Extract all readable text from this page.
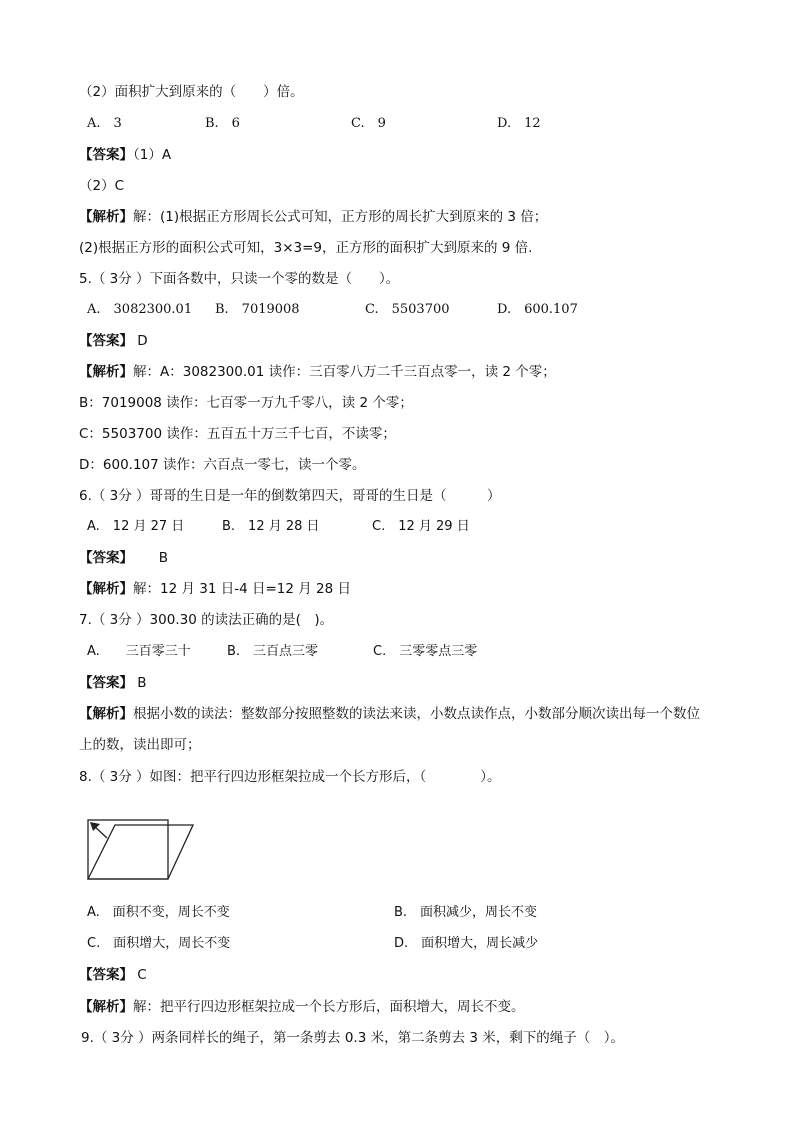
（2）面积扩大到原来的（　　）倍。
A.　3	B.　6	C.　9	D.　12
【答案】（1）A
（2）C
【解析】解：(1)根据正方形周长公式可知，正方形的周长扩大到原来的 3 倍；
(2)根据正方形的面积公式可知，3×3=9，正方形的面积扩大到原来的 9 倍.
5.（ 3分 ）下面各数中，只读一个零的数是（　　）。
A.　3082300.01 B.　7019008	C.　5503700	D.　600.107
【答案】 D
【解析】解：A：3082300.01 读作：三百零八万二千三百点零一，读 2 个零；
B：7019008 读作：七百零一万九千零八，读 2 个零；
C：5503700 读作：五百五十万三千七百，不读零；
D：600.107 读作：六百点一零七，读一个零。
6.（ 3分 ）哥哥的生日是一年的倒数第四天，哥哥的生日是（　　　）
A.　12 月 27 日	B.　12 月 28 日	C.　12 月 29 日
【答案】 B
【解析】解：12 月 31 日-4 日=12 月 28 日
7.（ 3分 ）300.30 的读法正确的是(　)。
A.　　三百零三十	B.　三百点三零	C.　三零零点三零
【答案】 B
【解析】根据小数的读法：整数部分按照整数的读法来读，小数点读作点，小数部分顺次读出每一个数位
上的数，读出即可；
8.（ 3分 ）如图：把平行四边形框架拉成一个长方形后，（　　　　）。
A.　面积不变，周长不变	B.　面积减少，周长不变
C.　面积增大，周长不变	D.　面积增大，周长减少
【答案】 C
【解析】解：把平行四边形框架拉成一个长方形后，面积增大，周长不变。
9.（ 3分 ）两条同样长的绳子，第一条剪去 0.3 米，第二条剪去 3 米，剩下的绳子（　）。
